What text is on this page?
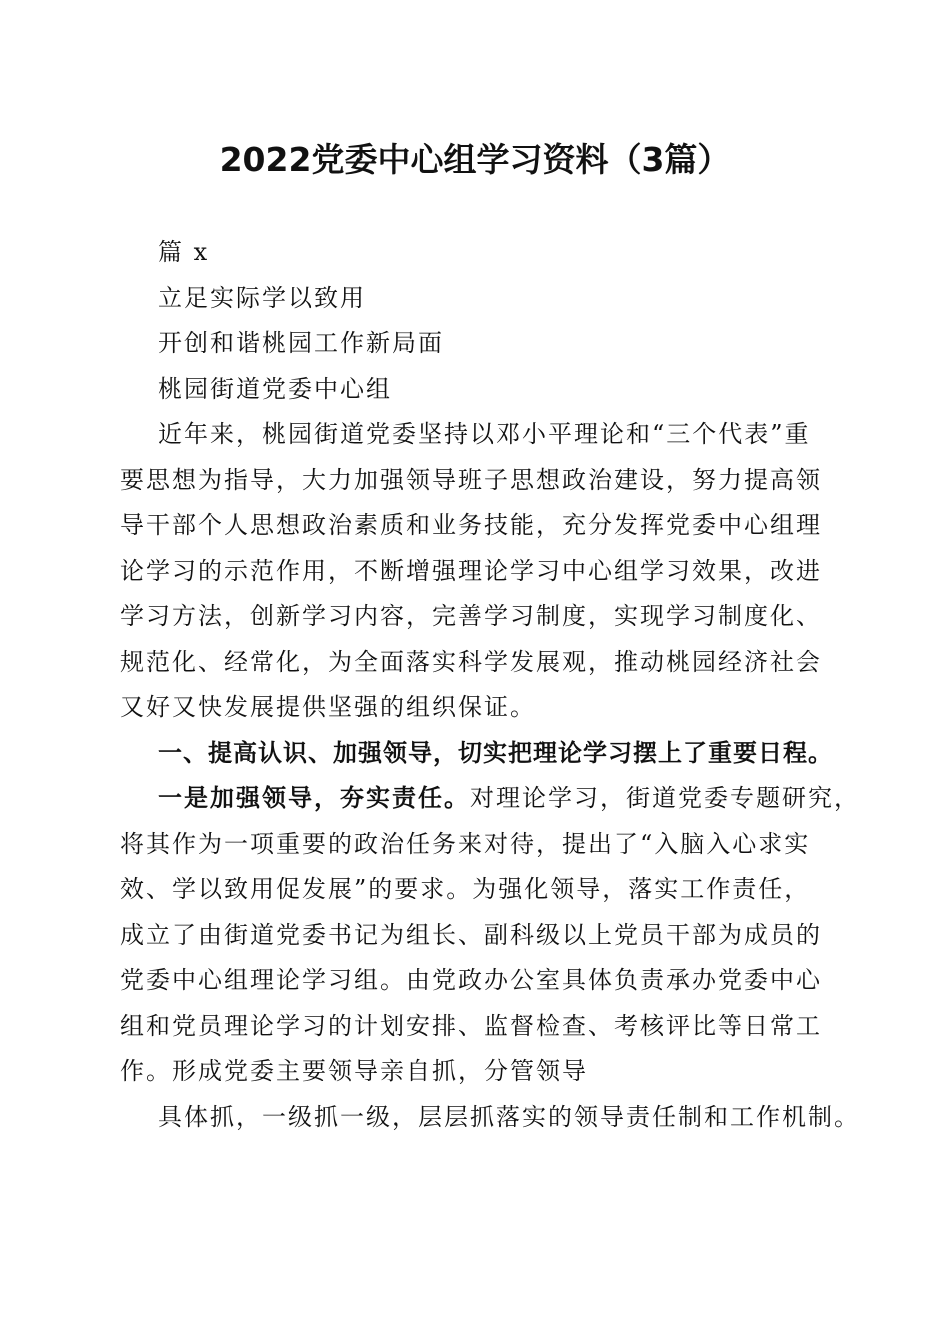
2022党委中心组学习资料（3篇）

篇 x

立足实际学以致用

开创和谐桃园工作新局面

桃园街道党委中心组

近年来，桃园街道党委坚持以邓小平理论和“三个代表”重

要思想为指导，大力加强领导班子思想政治建设，努力提高领

导干部个人思想政治素质和业务技能，充分发挥党委中心组理

论学习的示范作用，不断增强理论学习中心组学习效果，改进

学习方法，创新学习内容，完善学习制度，实现学习制度化、

规范化、经常化，为全面落实科学发展观，推动桃园经济社会

又好又快发展提供坚强的组织保证。

一、提高认识、加强领导，切实把理论学习摆上了重要日程。

一是加强领导，夯实责任。对理论学习，街道党委专题研究，

将其作为一项重要的政治任务来对待，提出了“入脑入心求实

效、学以致用促发展”的要求。为强化领导，落实工作责任，

成立了由街道党委书记为组长、副科级以上党员干部为成员的

党委中心组理论学习组。由党政办公室具体负责承办党委中心

组和党员理论学习的计划安排、监督检查、考核评比等日常工

作。形成党委主要领导亲自抓，分管领导

具体抓，一级抓一级，层层抓落实的领导责任制和工作机制。
